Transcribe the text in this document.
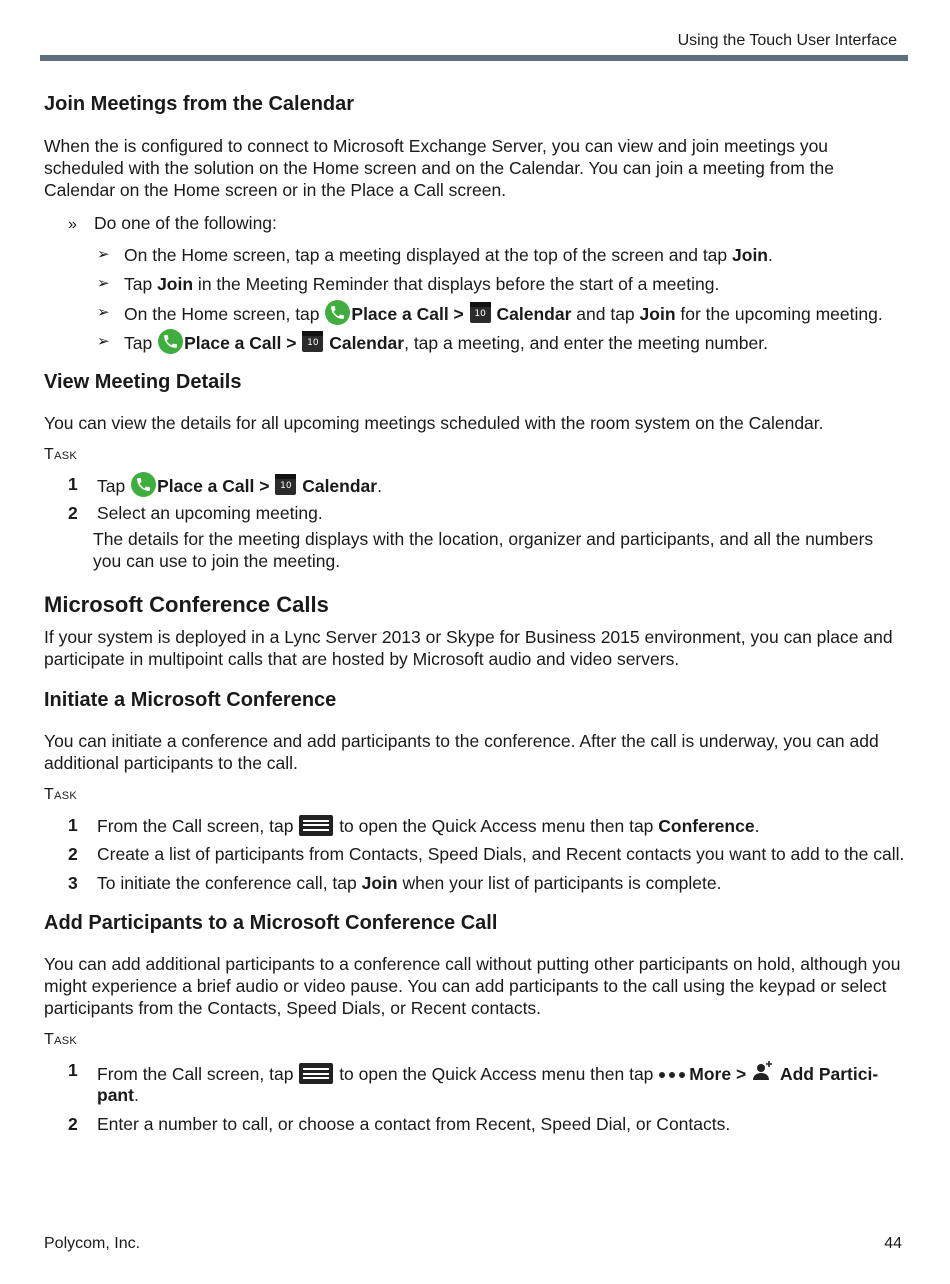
Using the Touch User Interface
Join Meetings from the Calendar

When the is configured to connect to Microsoft Exchange Server, you can view and join meetings you scheduled with the solution on the Home screen and on the Calendar. You can join a meeting from the Calendar on the Home screen or in the Place a Call screen.

» Do one of the following:
➢ On the Home screen, tap a meeting displayed at the top of the screen and tap Join.
➢ Tap Join in the Meeting Reminder that displays before the start of a meeting.
➢ On the Home screen, tap
Place a Call >	10 Calendar and tap Join for the upcoming meeting.
➢ Tap
Place a Call >	10 Calendar, tap a meeting, and enter the meeting number.
View Meeting Details

You can view the details for all upcoming meetings scheduled with the room system on the Calendar.

Task
1	Tap
Place a Call >	10 Calendar.
2	Select an upcoming meeting.

The details for the meeting displays with the location, organizer and participants, and all the numbers you can use to join the meeting.

Microsoft Conference Calls

If your system is deployed in a Lync Server 2013 or Skype for Business 2015 environment, you can place and participate in multipoint calls that are hosted by Microsoft audio and video servers.

Initiate a Microsoft Conference

You can initiate a conference and add participants to the conference. After the call is underway, you can add additional participants to the call.

Task
1	From the Call screen, tap
to open the Quick Access menu then tap Conference.
2	Create a list of participants from Contacts, Speed Dials, and Recent contacts you want to add to the call.
3	To initiate the conference call, tap Join when your list of participants is complete.
Add Participants to a Microsoft Conference Call

You can add additional participants to a conference call without putting other participants on hold, although you might experience a brief audio or video pause. You can add participants to the call using the keypad or select participants from the Contacts, Speed Dials, or Recent contacts.

Task
1	From the Call screen, tap
to open the Quick Access menu then tap
More > Add Partici-pant.
2	Enter a number to call, or choose a contact from Recent, Speed Dial, or Contacts.
Polycom, Inc.	44
